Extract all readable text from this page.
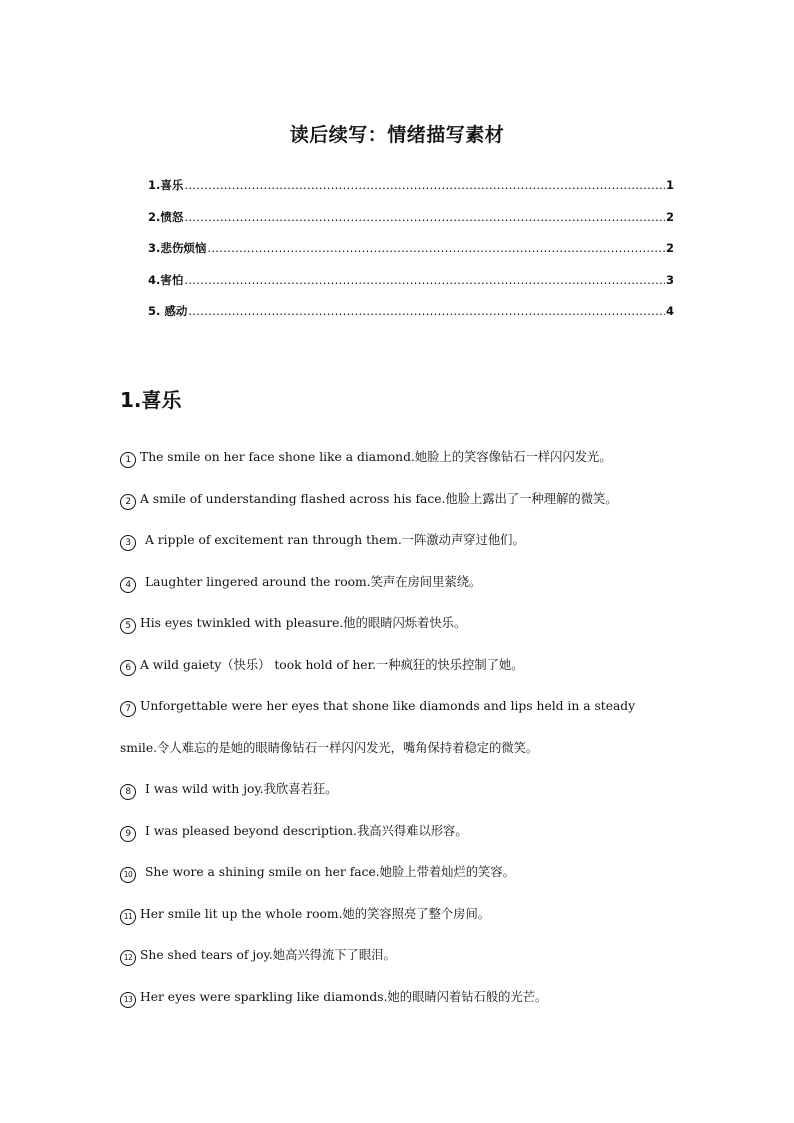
读后续写：情绪描写素材
1.喜乐 .....	1
2.愤怒 .....	2
3.悲伤烦恼 .....	2
4.害怕 .....	3
5. 感动 .....	4
1.喜乐
1 The smile on her face shone like a diamond.她脸上的笑容像钻石一样闪闪发光。
2 A smile of understanding flashed across his face.他脸上露出了一种理解的微笑。
3 A ripple of excitement ran through them.一阵激动声穿过他们。
4 Laughter lingered around the room.笑声在房间里萦绕。
5 His eyes twinkled with pleasure.他的眼睛闪烁着快乐。
6 A wild gaiety（快乐） took hold of her.一种疯狂的快乐控制了她。
7 Unforgettable were her eyes that shone like diamonds and lips held in a steady
smile.令人难忘的是她的眼睛像钻石一样闪闪发光，嘴角保持着稳定的微笑。
8 I was wild with joy.我欣喜若狂。
9 I was pleased beyond description.我高兴得难以形容。
10 She wore a shining smile on her face.她脸上带着灿烂的笑容。
11 Her smile lit up the whole room.她的笑容照亮了整个房间。
12 She shed tears of joy.她高兴得流下了眼泪。
13 Her eyes were sparkling like diamonds.她的眼睛闪着钻石般的光芒。
